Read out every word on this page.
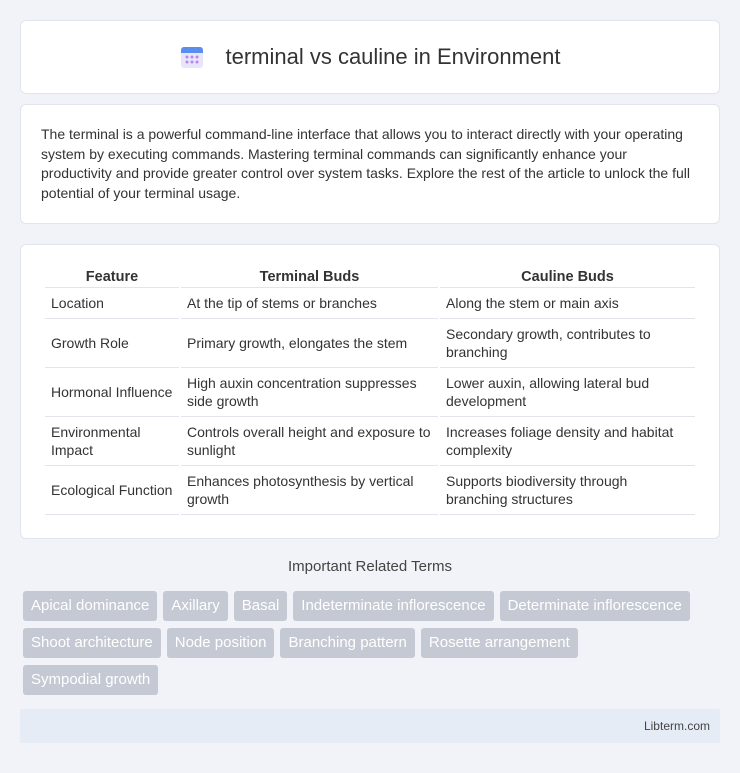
terminal vs cauline in Environment

The terminal is a powerful command-line interface that allows you to interact directly with your operating system by executing commands. Mastering terminal commands can significantly enhance your productivity and provide greater control over system tasks. Explore the rest of the article to unlock the full potential of your terminal usage.

Feature	Terminal Buds	Cauline Buds
Location	At the tip of stems or branches	Along the stem or main axis
Growth Role	Primary growth, elongates the stem	Secondary growth, contributes to branching
Hormonal Influence	High auxin concentration suppresses side growth	Lower auxin, allowing lateral bud development
Environmental Impact	Controls overall height and exposure to sunlight	Increases foliage density and habitat complexity
Ecological Function	Enhances photosynthesis by vertical growth	Supports biodiversity through branching structures
Important Related Terms
Apical dominance	Axillary	Basal	Indeterminate inflorescence	Determinate inflorescence
Shoot architecture	Node position	Branching pattern	Rosette arrangement
Sympodial growth
Libterm.com
